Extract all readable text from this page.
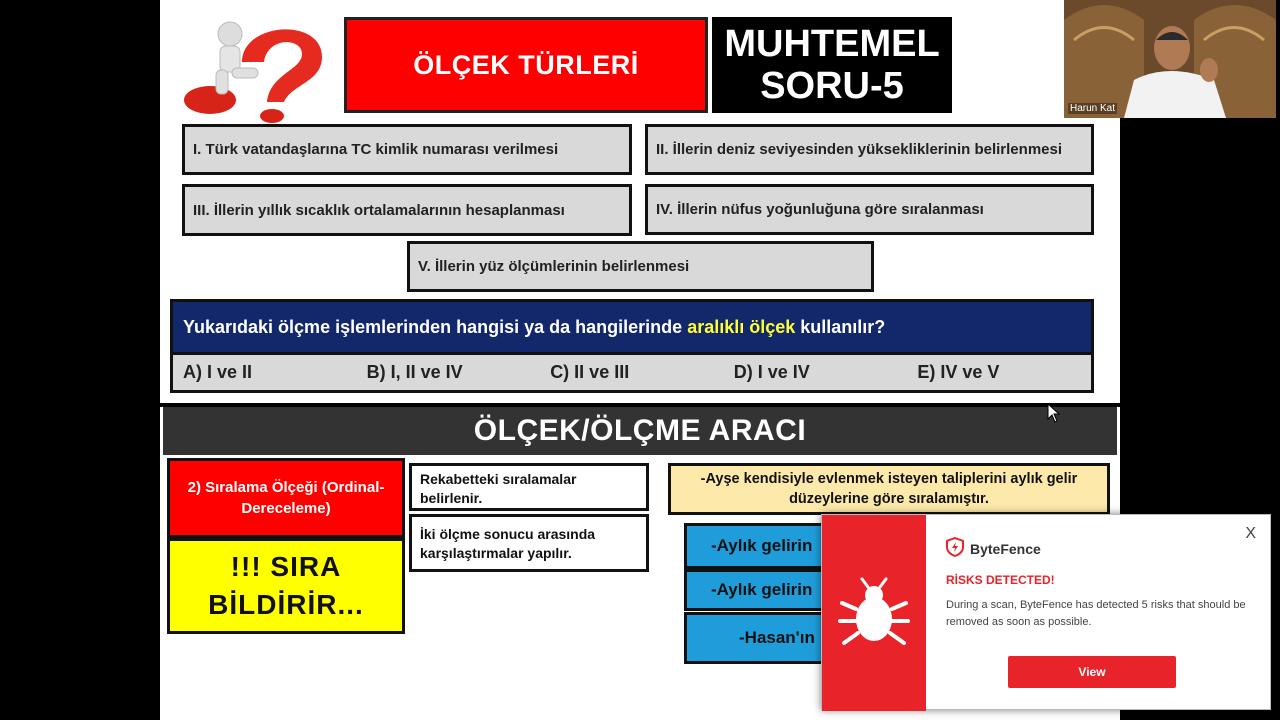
ÖLÇEK TÜRLERİ	MUHTEMEL
SORU-5
I. Türk vatandaşlarına TC kimlik numarası verilmesi	II. İllerin deniz seviyesinden yüksekliklerinin belirlenmesi
III. İllerin yıllık sıcaklık ortalamalarının hesaplanması	IV. İllerin nüfus yoğunluğuna göre sıralanması
V. İllerin yüz ölçümlerinin belirlenmesi
Yukarıdaki ölçme işlemlerinden hangisi ya da hangilerinde aralıklı ölçek kullanılır?
A) I ve II	B) I, II ve IV	C) II ve III	D) I ve IV	E) IV ve V
ÖLÇEK/ÖLÇME ARACI
2) Sıralama Ölçeği (Ordinal-Dereceleme)
!!! SIRA
BİLDİRİR...
Rekabetteki sıralamalar belirlenir.
İki ölçme sonucu arasında karşılaştırmalar yapılır.
-Ayşe kendisiyle evlenmek isteyen taliplerini aylık gelir düzeylerine göre sıralamıştır.
-Aylık gelirin
-Aylık gelirin
-Hasan'ın
Harun Kat
ByteFence
X
RİSKS DETECTED!
During a scan, ByteFence has detected 5 risks that should be removed as soon as possible.
View
